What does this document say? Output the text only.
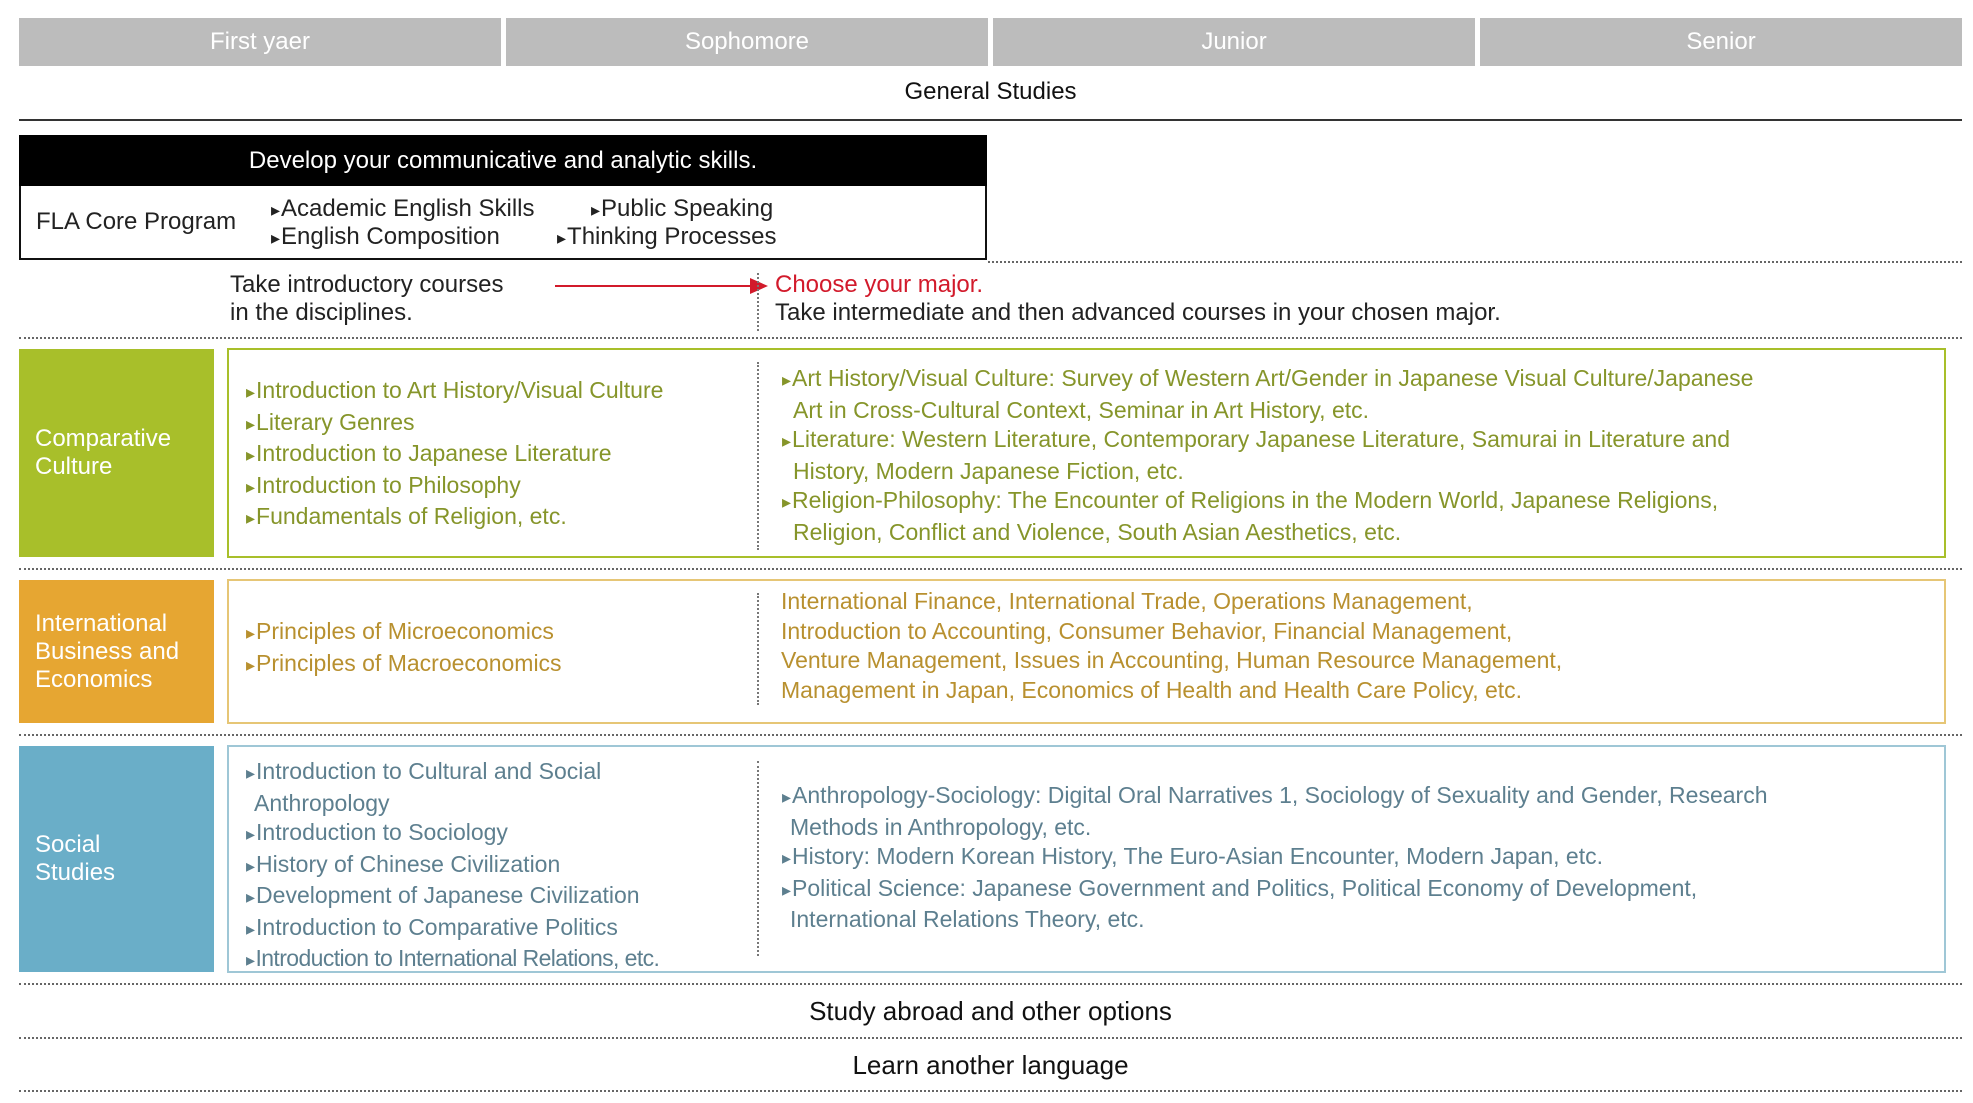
First yaer	Sophomore	Junior	Senior
General Studies
Develop your communicative and analytic skills.
FLA Core Program	▸ Academic English Skills	▸ Public Speaking
▸ English Composition	▸ Thinking Processes
Take introductory courses
in the disciplines.
Choose your major.
Take intermediate and then advanced courses in your chosen major.
Comparative
Culture
▸ Introduction to Art History/Visual Culture
▸ Literary Genres
▸ Introduction to Japanese Literature
▸ Introduction to Philosophy
▸ Fundamentals of Religion, etc.
▸ Art History/Visual Culture: Survey of Western Art/Gender in Japanese Visual Culture/Japanese
Art in Cross-Cultural Context, Seminar in Art History, etc.
▸ Literature: Western Literature, Contemporary Japanese Literature, Samurai in Literature and
History, Modern Japanese Fiction, etc.
▸ Religion-Philosophy: The Encounter of Religions in the Modern World, Japanese Religions,
Religion, Conflict and Violence, South Asian Aesthetics, etc.
International
Business and
Economics
▸ Principles of Microeconomics
▸ Principles of Macroeconomics
International Finance, International Trade, Operations Management,
Introduction to Accounting, Consumer Behavior, Financial Management,
Venture Management, Issues in Accounting, Human Resource Management,
Management in Japan, Economics of Health and Health Care Policy, etc.
Social
Studies
▸ Introduction to Cultural and Social
Anthropology
▸ Introduction to Sociology
▸ History of Chinese Civilization
▸ Development of Japanese Civilization
▸ Introduction to Comparative Politics
▸ Introduction to International Relations, etc.
▸ Anthropology-Sociology: Digital Oral Narratives 1, Sociology of Sexuality and Gender, Research
Methods in Anthropology, etc.
▸ History: Modern Korean History, The Euro-Asian Encounter, Modern Japan, etc.
▸ Political Science: Japanese Government and Politics, Political Economy of Development,
International Relations Theory, etc.
Study abroad and other options
Learn another language
